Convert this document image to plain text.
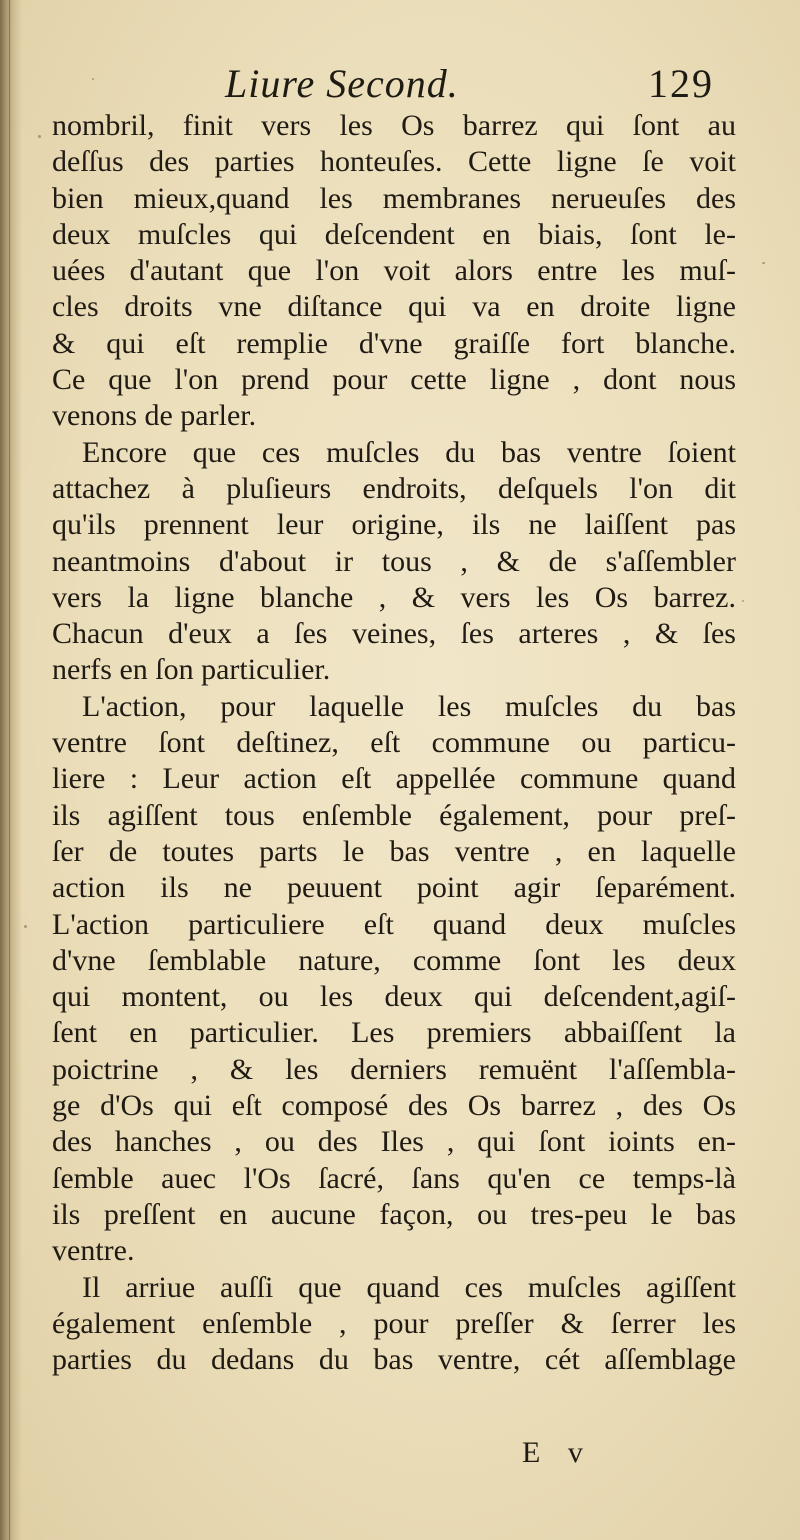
Liure Second.	129
nombril, finit vers les Os barrez qui ſont au
deſſus des parties honteuſes. Cette ligne ſe voit
bien mieux,quand les membranes neruеuſes des
deux muſcles qui deſcendent en biais, ſont le-
uées d'autant que l'on voit alors entre les muſ-
cles droits vne diſtance qui va en droite ligne
& qui eſt remplie d'vne graiſſe fort blanche.
Ce que l'on prend pour cette ligne , dont nous
venons de parler.
Encore que ces muſcles du bas ventre ſoient
attachez à pluſieurs endroits, deſquels l'on dit
qu'ils prennent leur origine, ils ne laiſſent pas
neantmoins d'about ir tous , & de s'aſſembler
vers la ligne blanche , & vers les Os barrez.
Chacun d'eux a ſes veines, ſes arteres , & ſes
nerfs en ſon particulier.
L'action, pour laquelle les muſcles du bas
ventre ſont deſtinez, eſt commune ou particu-
liere : Leur action eſt appellée commune quand
ils agiſſent tous enſemble également, pour preſ-
ſer de toutes parts le bas ventre , en laquelle
action ils ne peuuent point agir ſeparément.
L'action particuliere eſt quand deux muſcles
d'vne ſemblable nature, comme ſont les deux
qui montent, ou les deux qui deſcendent,agiſ-
ſent en particulier. Les premiers abbaiſſent la
poictrine , & les derniers remuënt l'aſſembla-
ge d'Os qui eſt composé des Os barrez , des Os
des hanches , ou des Iles , qui ſont ioints en-
ſemble auec l'Os ſacré, ſans qu'en ce temps-là
ils preſſent en aucune façon, ou tres-peu le bas
ventre.
Il arriue auſſi que quand ces muſcles agiſſent
également enſemble , pour preſſer & ſerrer les
parties du dedans du bas ventre, cét aſſemblage
E v
